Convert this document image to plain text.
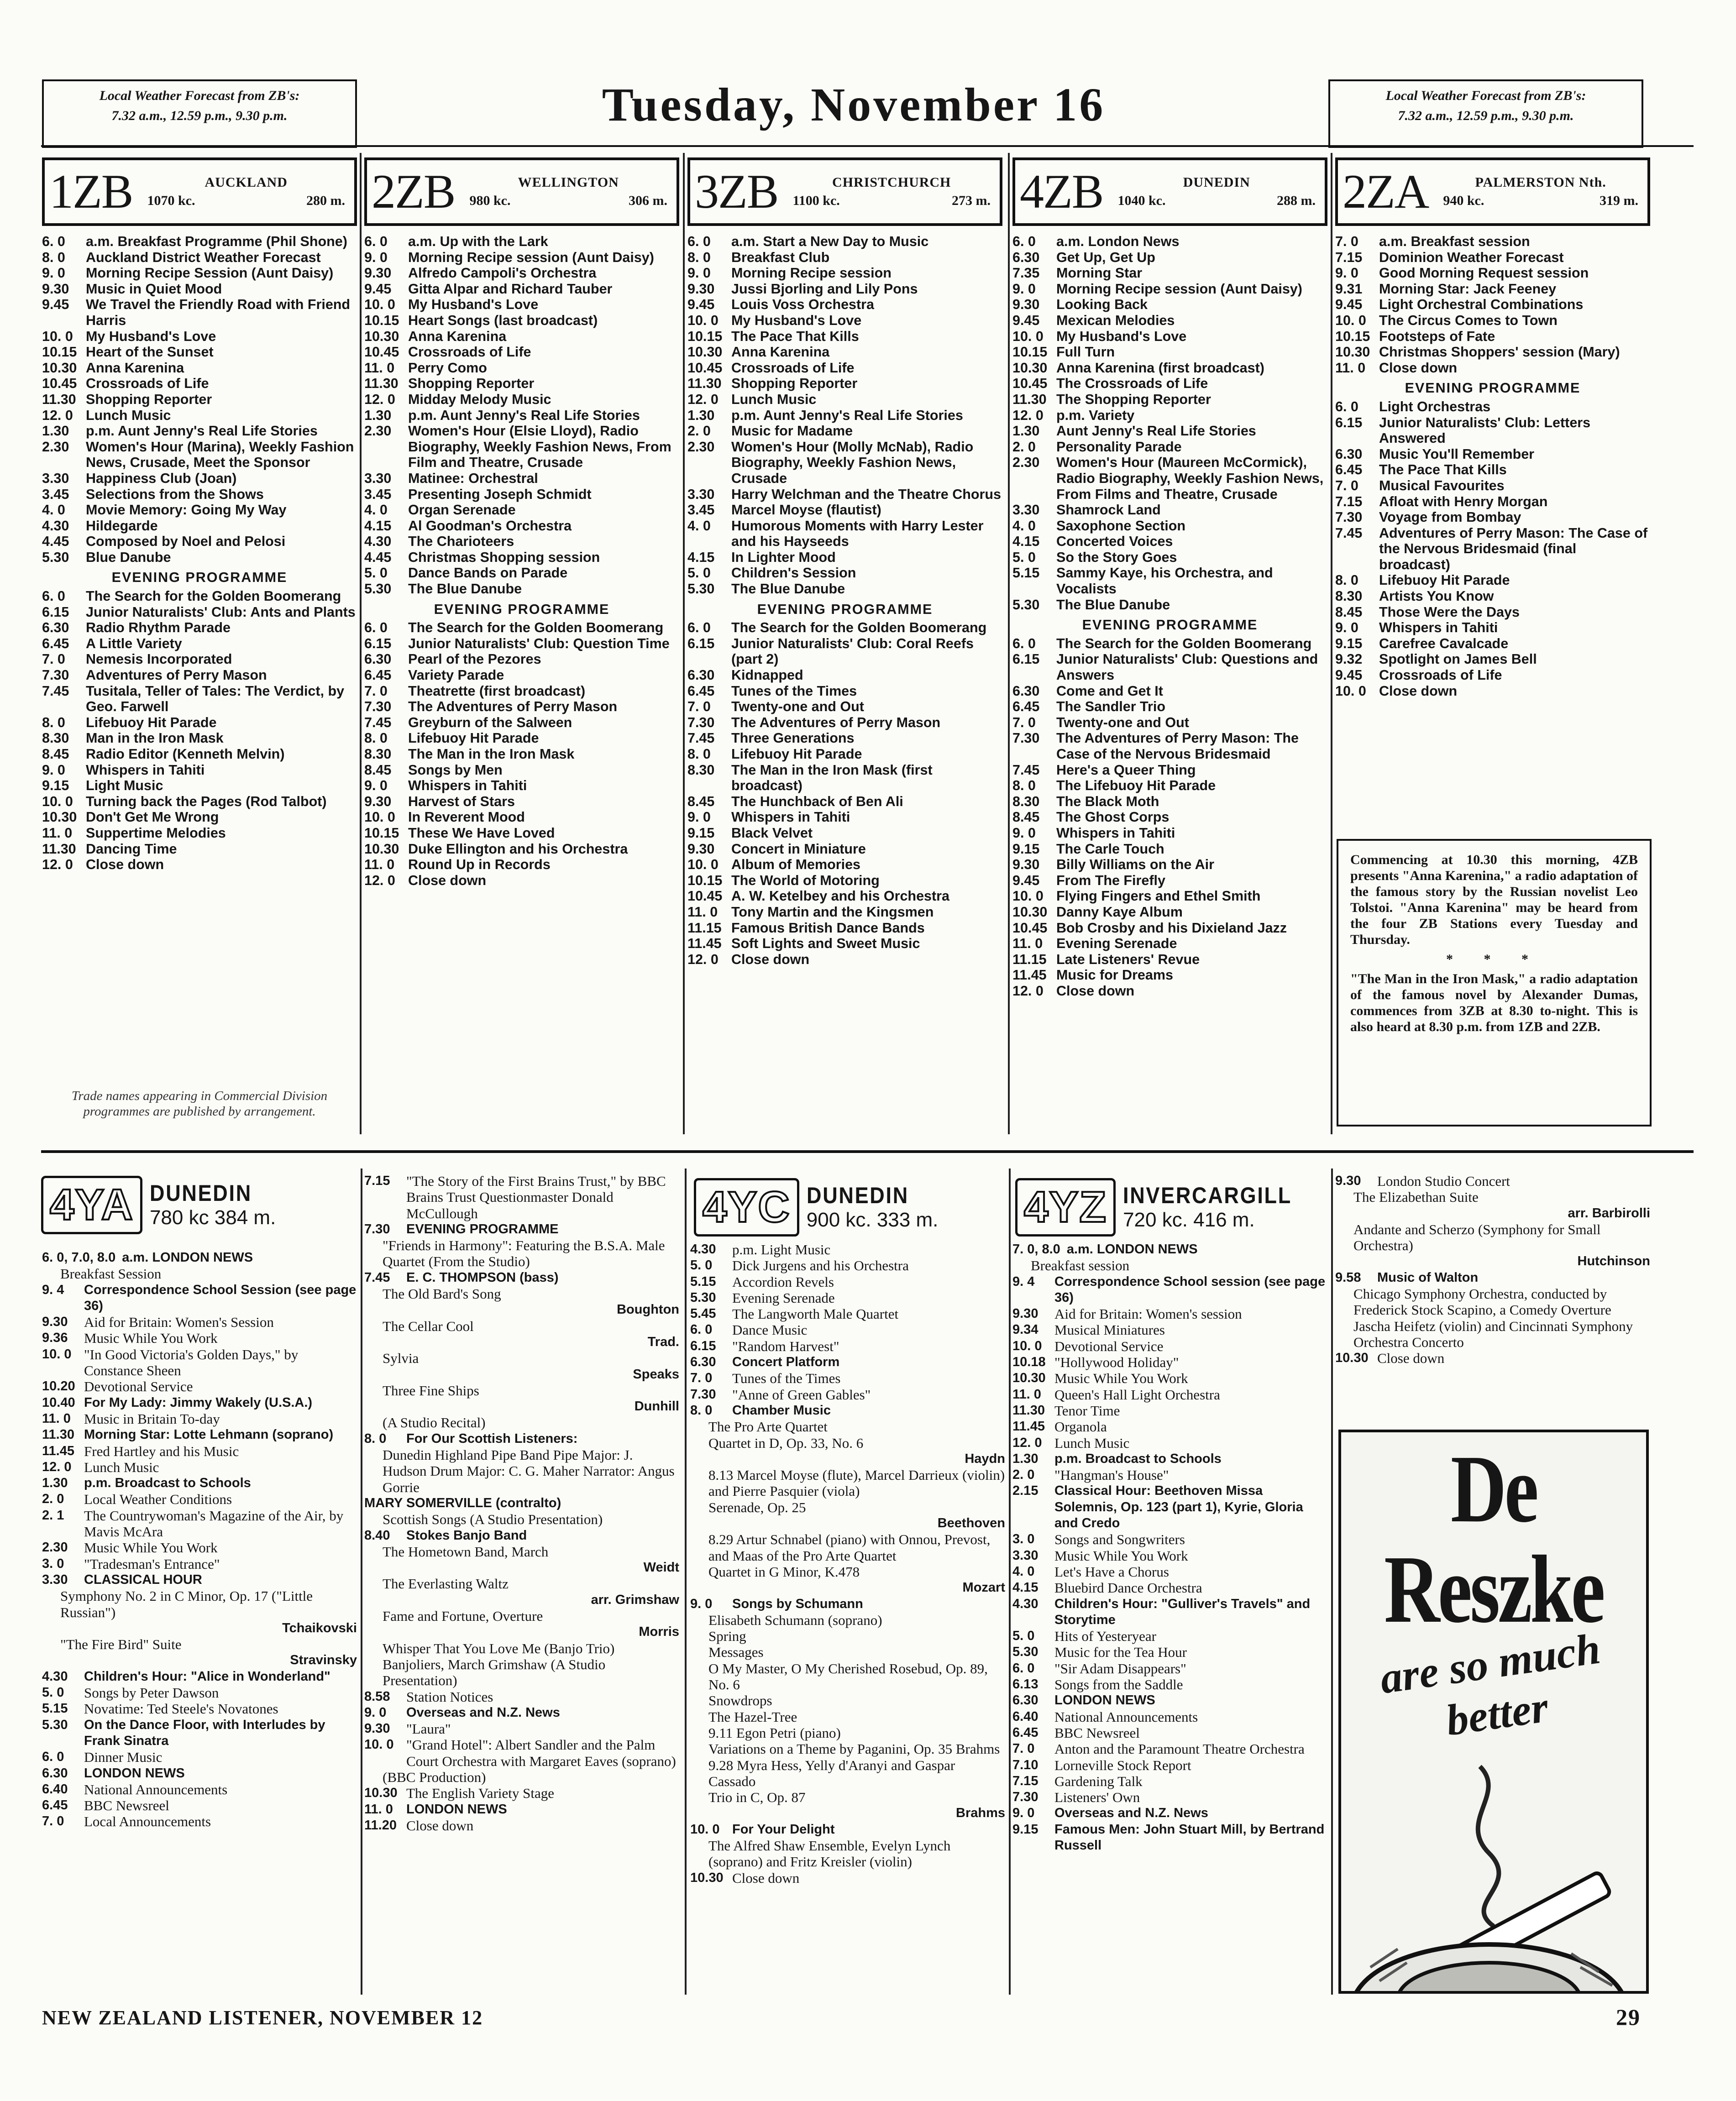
Local Weather Forecast from ZB's:
7.32 a.m., 12.59 p.m., 9.30 p.m.	Tuesday, November 16	Local Weather Forecast from ZB's:
7.32 a.m., 12.59 p.m., 9.30 p.m.
1ZB	AUCKLAND
1070 kc.	280 m.
6. 0	a.m. Breakfast Programme (Phil Shone)
8. 0	Auckland District Weather Forecast
9. 0	Morning Recipe Session (Aunt Daisy)
9.30	Music in Quiet Mood
9.45	We Travel the Friendly Road with Friend Harris
10. 0 My Husband's Love
10.15 Heart of the Sunset
10.30 Anna Karenina
10.45 Crossroads of Life
11.30 Shopping Reporter
12. 0 Lunch Music
1.30	p.m. Aunt Jenny's Real Life Stories
2.30	Women's Hour (Marina), Weekly Fashion News, Crusade, Meet the Sponsor
3.30	Happiness Club (Joan)
3.45	Selections from the Shows
4. 0	Movie Memory: Going My Way
4.30	Hildegarde
4.45	Composed by Noel and Pelosi
5.30	Blue Danube
EVENING PROGRAMME
6. 0	The Search for the Golden Boomerang
6.15	Junior Naturalists' Club: Ants and Plants
6.30	Radio Rhythm Parade
6.45	A Little Variety
7. 0	Nemesis Incorporated
7.30	Adventures of Perry Mason
7.45	Tusitala, Teller of Tales: The Verdict, by Geo. Farwell
8. 0	Lifebuoy Hit Parade
8.30	Man in the Iron Mask
8.45	Radio Editor (Kenneth Melvin)
9. 0	Whispers in Tahiti
9.15	Light Music
10. 0 Turning back the Pages (Rod Talbot)
10.30 Don't Get Me Wrong
11. 0 Suppertime Melodies
11.30 Dancing Time
12. 0 Close down
2ZB	WELLINGTON
980 kc.	306 m.
6. 0	a.m. Up with the Lark
9. 0	Morning Recipe session (Aunt Daisy)
9.30	Alfredo Campoli's Orchestra
9.45	Gitta Alpar and Richard Tauber
10. 0 My Husband's Love
10.15 Heart Songs (last broadcast)
10.30 Anna Karenina
10.45 Crossroads of Life
11. 0 Perry Como
11.30 Shopping Reporter
12. 0 Midday Melody Music
1.30	p.m. Aunt Jenny's Real Life Stories
2.30	Women's Hour (Elsie Lloyd), Radio Biography, Weekly Fashion News, From Film and Theatre, Crusade
3.30	Matinee: Orchestral
3.45	Presenting Joseph Schmidt
4. 0	Organ Serenade
4.15	Al Goodman's Orchestra
4.30	The Charioteers
4.45	Christmas Shopping session
5. 0	Dance Bands on Parade
5.30	The Blue Danube
EVENING PROGRAMME
6. 0	The Search for the Golden Boomerang
6.15	Junior Naturalists' Club: Question Time
6.30	Pearl of the Pezores
6.45	Variety Parade
7. 0	Theatrette (first broadcast)
7.30	The Adventures of Perry Mason
7.45	Greyburn of the Salween
8. 0	Lifebuoy Hit Parade
8.30	The Man in the Iron Mask
8.45	Songs by Men
9. 0	Whispers in Tahiti
9.30	Harvest of Stars
10. 0 In Reverent Mood
10.15 These We Have Loved
10.30 Duke Ellington and his Orchestra
11. 0 Round Up in Records
12. 0 Close down
3ZB	CHRISTCHURCH
1100 kc.	273 m.
6. 0	a.m. Start a New Day to Music
8. 0	Breakfast Club
9. 0	Morning Recipe session
9.30	Jussi Bjorling and Lily Pons
9.45	Louis Voss Orchestra
10. 0 My Husband's Love
10.15 The Pace That Kills
10.30 Anna Karenina
10.45 Crossroads of Life
11.30 Shopping Reporter
12. 0 Lunch Music
1.30	p.m. Aunt Jenny's Real Life Stories
2. 0	Music for Madame
2.30	Women's Hour (Molly McNab), Radio Biography, Weekly Fashion News, Crusade
3.30	Harry Welchman and the Theatre Chorus
3.45	Marcel Moyse (flautist)
4. 0	Humorous Moments with Harry Lester and his Hayseeds
4.15	In Lighter Mood
5. 0	Children's Session
5.30	The Blue Danube
EVENING PROGRAMME
6. 0	The Search for the Golden Boomerang
6.15	Junior Naturalists' Club: Coral Reefs (part 2)
6.30	Kidnapped
6.45	Tunes of the Times
7. 0	Twenty-one and Out
7.30	The Adventures of Perry Mason
7.45	Three Generations
8. 0	Lifebuoy Hit Parade
8.30	The Man in the Iron Mask (first broadcast)
8.45	The Hunchback of Ben Ali
9. 0	Whispers in Tahiti
9.15	Black Velvet
9.30	Concert in Miniature
10. 0 Album of Memories
10.15 The World of Motoring
10.45 A. W. Ketelbey and his Orchestra
11. 0 Tony Martin and the Kingsmen
11.15 Famous British Dance Bands
11.45 Soft Lights and Sweet Music
12. 0 Close down
4ZB	DUNEDIN
1040 kc.	288 m.
6. 0	a.m. London News
6.30	Get Up, Get Up
7.35	Morning Star
9. 0	Morning Recipe session (Aunt Daisy)
9.30	Looking Back
9.45	Mexican Melodies
10. 0 My Husband's Love
10.15 Full Turn
10.30 Anna Karenina (first broadcast)
10.45 The Crossroads of Life
11.30 The Shopping Reporter
12. 0 p.m. Variety
1.30	Aunt Jenny's Real Life Stories
2. 0	Personality Parade
2.30	Women's Hour (Maureen McCormick), Radio Biography, Weekly Fashion News, From Films and Theatre, Crusade
3.30	Shamrock Land
4. 0	Saxophone Section
4.15	Concerted Voices
5. 0	So the Story Goes
5.15	Sammy Kaye, his Orchestra, and Vocalists
5.30	The Blue Danube
EVENING PROGRAMME
6. 0	The Search for the Golden Boomerang
6.15	Junior Naturalists' Club: Questions and Answers
6.30	Come and Get It
6.45	The Sandler Trio
7. 0	Twenty-one and Out
7.30	The Adventures of Perry Mason: The Case of the Nervous Bridesmaid
7.45	Here's a Queer Thing
8. 0	The Lifebuoy Hit Parade
8.30	The Black Moth
8.45	The Ghost Corps
9. 0	Whispers in Tahiti
9.15	The Carle Touch
9.30	Billy Williams on the Air
9.45	From The Firefly
10. 0 Flying Fingers and Ethel Smith
10.30 Danny Kaye Album
10.45 Bob Crosby and his Dixieland Jazz
11. 0 Evening Serenade
11.15 Late Listeners' Revue
11.45 Music for Dreams
12. 0 Close down
2ZA	PALMERSTON Nth.
940 kc.	319 m.
7. 0	a.m. Breakfast session
7.15	Dominion Weather Forecast
9. 0	Good Morning Request session
9.31	Morning Star: Jack Feeney
9.45	Light Orchestral Combinations
10. 0 The Circus Comes to Town
10.15 Footsteps of Fate
10.30 Christmas Shoppers' session (Mary)
11. 0 Close down
EVENING PROGRAMME
6. 0	Light Orchestras
6.15	Junior Naturalists' Club: Letters Answered
6.30	Music You'll Remember
6.45	The Pace That Kills
7. 0	Musical Favourites
7.15	Afloat with Henry Morgan
7.30	Voyage from Bombay
7.45	Adventures of Perry Mason: The Case of the Nervous Bridesmaid (final broadcast)
8. 0	Lifebuoy Hit Parade
8.30	Artists You Know
8.45	Those Were the Days
9. 0	Whispers in Tahiti
9.15	Carefree Cavalcade
9.32	Spotlight on James Bell
9.45	Crossroads of Life
10. 0 Close down

Commencing at 10.30 this morning, 4ZB presents "Anna Karenina," a radio adaptation of the famous story by the Russian novelist Leo Tolstoi. "Anna Karenina" may be heard from the four ZB Stations every Tuesday and Thursday.

* * *

"The Man in the Iron Mask," a radio adaptation of the famous novel by Alexander Dumas, commences from 3ZB at 8.30 to-night. This is also heard at 8.30 p.m. from 1ZB and 2ZB.

Trade names appearing in Commercial Division programmes are published by arrangement.
4YA DUNEDIN
780 kc 384 m.	4YC DUNEDIN
900 kc. 333 m. 4YZ INVERCARGILL
720 kc. 416 m.
6. 0, 7.0, 8.0 a.m. LONDON NEWS
Breakfast Session
9. 4	Correspondence School Session (see page 36)
9.30	Aid for Britain: Women's Session
9.36	Music While You Work
10. 0 "In Good Victoria's Golden Days," by Constance Sheen
10.20 Devotional Service
10.40 For My Lady: Jimmy Wakely (U.S.A.)
11. 0 Music in Britain To-day
11.30 Morning Star: Lotte Lehmann (soprano)
11.45 Fred Hartley and his Music
12. 0 Lunch Music
1.30	p.m. Broadcast to Schools
2. 0	Local Weather Conditions
2. 1	The Countrywoman's Magazine of the Air, by Mavis McAra
2.30	Music While You Work
3. 0	"Tradesman's Entrance"
3.30	CLASSICAL HOUR
Symphony No. 2 in C Minor, Op. 17 ("Little Russian")
Tchaikovski
"The Fire Bird" Suite
Stravinsky
4.30	Children's Hour: "Alice in Wonderland"
5. 0	Songs by Peter Dawson
5.15	Novatime: Ted Steele's Novatones
5.30	On the Dance Floor, with Interludes by Frank Sinatra
6. 0	Dinner Music
6.30	LONDON NEWS
6.40	National Announcements
6.45	BBC Newsreel
7. 0	Local Announcements
7.15	"The Story of the First Brains Trust," by BBC Brains Trust Questionmaster Donald McCullough
7.30	EVENING PROGRAMME
"Friends in Harmony": Featuring the B.S.A. Male Quartet (From the Studio)
7.45	E. C. THOMPSON (bass)
The Old Bard's Song
Boughton
The Cellar Cool
Trad.
Sylvia
Speaks
Three Fine Ships
Dunhill
(A Studio Recital)
8. 0	For Our Scottish Listeners:
Dunedin Highland Pipe Band Pipe Major: J. Hudson Drum Major: C. G. Maher Narrator: Angus Gorrie
MARY SOMERVILLE (contralto)
Scottish Songs (A Studio Presentation)
8.40	Stokes Banjo Band
The Hometown Band, March
Weidt
The Everlasting Waltz
arr. Grimshaw
Fame and Fortune, Overture
Morris
Whisper That You Love Me (Banjo Trio)
Banjoliers, March Grimshaw (A Studio Presentation)
8.58	Station Notices
9. 0	Overseas and N.Z. News
9.30	"Laura"
10. 0 "Grand Hotel": Albert Sandler and the Palm Court Orchestra with Margaret Eaves (soprano)
(BBC Production)
10.30 The English Variety Stage
11. 0	LONDON NEWS
11.20 Close down
4.30	p.m. Light Music
5. 0	Dick Jurgens and his Orchestra
5.15	Accordion Revels
5.30	Evening Serenade
5.45	The Langworth Male Quartet
6. 0	Dance Music
6.15	"Random Harvest"
6.30	Concert Platform
7. 0	Tunes of the Times
7.30	"Anne of Green Gables"
8. 0	Chamber Music
The Pro Arte Quartet
Quartet in D, Op. 33, No. 6
Haydn
8.13 Marcel Moyse (flute), Marcel Darrieux (violin) and Pierre Pasquier (viola)
Serenade, Op. 25
Beethoven
8.29 Artur Schnabel (piano) with Onnou, Prevost, and Maas of the Pro Arte Quartet
Quartet in G Minor, K.478
Mozart
9. 0	Songs by Schumann
Elisabeth Schumann (soprano)
Spring
Messages
O My Master, O My Cherished Rosebud, Op. 89, No. 6
Snowdrops
The Hazel-Tree
9.11 Egon Petri (piano)
Variations on a Theme by Paganini, Op. 35 Brahms
9.28 Myra Hess, Yelly d'Aranyi and Gaspar Cassado
Trio in C, Op. 87
Brahms
10. 0 For Your Delight
The Alfred Shaw Ensemble, Evelyn Lynch (soprano) and Fritz Kreisler (violin)
10.30 Close down
7. 0, 8.0 a.m. LONDON NEWS
Breakfast session
9. 4	Correspondence School session (see page 36)
9.30	Aid for Britain: Women's session
9.34	Musical Miniatures
10. 0 Devotional Service
10.18 "Hollywood Holiday"
10.30 Music While You Work
11. 0 Queen's Hall Light Orchestra
11.30 Tenor Time
11.45 Organola
12. 0 Lunch Music
1.30	p.m. Broadcast to Schools
2. 0	"Hangman's House"
2.15	Classical Hour: Beethoven Missa Solemnis, Op. 123 (part 1), Kyrie, Gloria and Credo
3. 0	Songs and Songwriters
3.30	Music While You Work
4. 0	Let's Have a Chorus
4.15	Bluebird Dance Orchestra
4.30	Children's Hour: "Gulliver's Travels" and Storytime
5. 0	Hits of Yesteryear
5.30	Music for the Tea Hour
6. 0	"Sir Adam Disappears"
6.13	Songs from the Saddle
6.30	LONDON NEWS
6.40	National Announcements
6.45	BBC Newsreel
7. 0	Anton and the Paramount Theatre Orchestra
7.10	Lorneville Stock Report
7.15	Gardening Talk
7.30	Listeners' Own
9. 0	Overseas and N.Z. News
9.15	Famous Men: John Stuart Mill, by Bertrand Russell
9.30	London Studio Concert
The Elizabethan Suite
arr. Barbirolli
Andante and Scherzo (Symphony for Small Orchestra)
Hutchinson
9.58	Music of Walton
Chicago Symphony Orchestra, conducted by Frederick Stock Scapino, a Comedy Overture Jascha Heifetz (violin) and Cincinnati Symphony Orchestra Concerto
10.30 Close down
De Reszke
are so much better
NEW ZEALAND LISTENER, NOVEMBER 12	29
